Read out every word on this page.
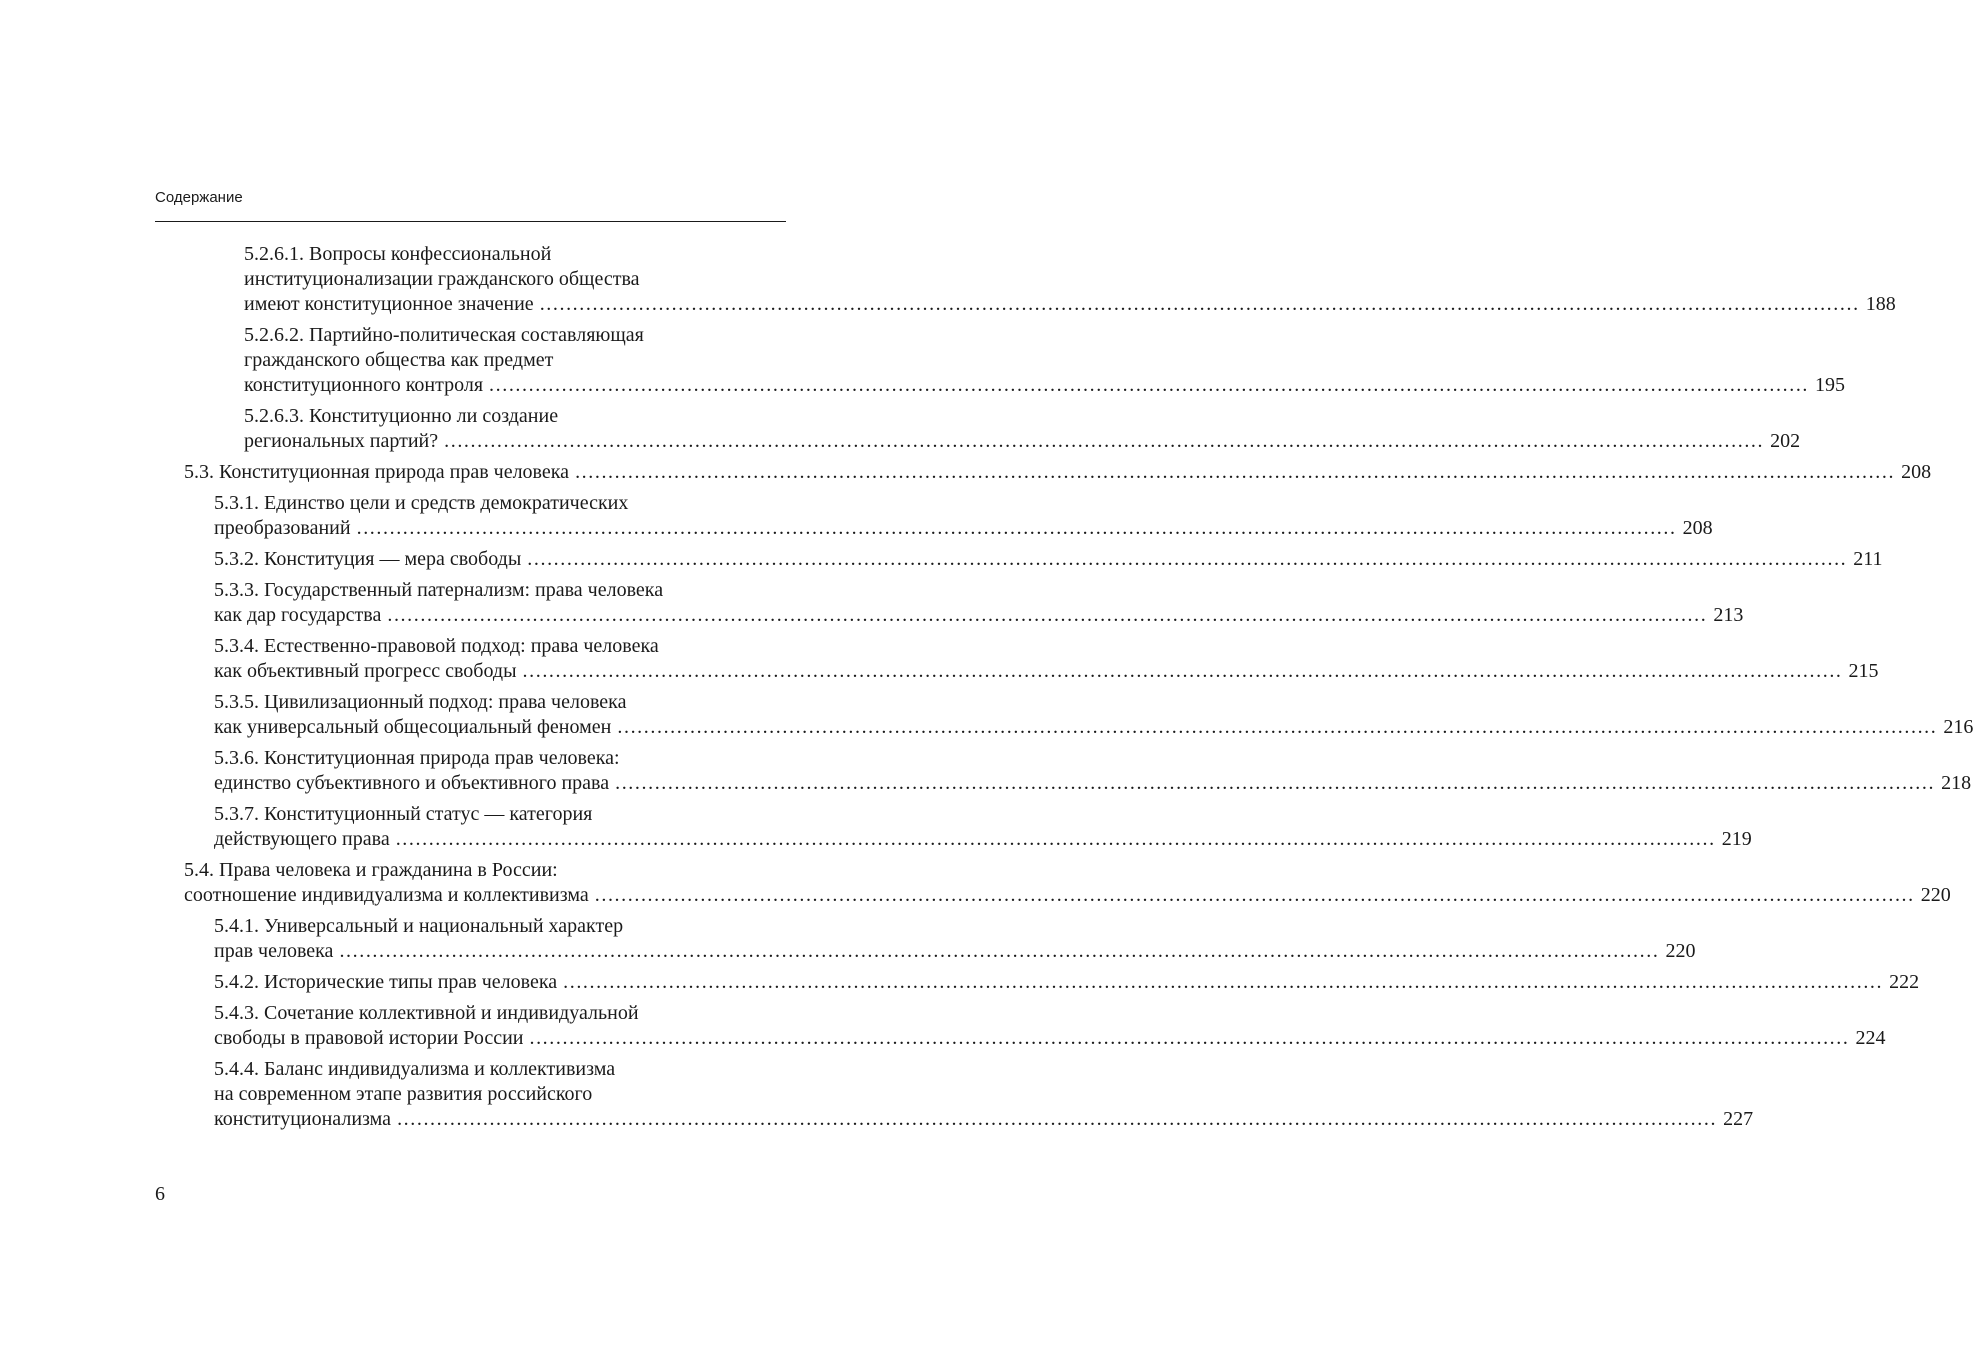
Содержание
5.2.6.1. Вопросы конфессиональной
институционализации гражданского общества
имеют конституционное значение ........................................................................................................................................................................................................ 188
5.2.6.2. Партийно-политическая составляющая
гражданского общества как предмет
конституционного контроля ........................................................................................................................................................................................................ 195
5.2.6.3. Конституционно ли создание
региональных партий? ........................................................................................................................................................................................................ 202
5.3. Конституционная природа прав человека ........................................................................................................................................................................................................ 208
5.3.1. Единство цели и средств демократических
преобразований ........................................................................................................................................................................................................ 208
5.3.2. Конституция — мера свободы ........................................................................................................................................................................................................ 211
5.3.3. Государственный патернализм: права человека
как дар государства ........................................................................................................................................................................................................ 213
5.3.4. Естественно-правовой подход: права человека
как объективный прогресс свободы ........................................................................................................................................................................................................ 215
5.3.5. Цивилизационный подход: права человека
как универсальный общесоциальный феномен ........................................................................................................................................................................................................ 216
5.3.6. Конституционная природа прав человека:
единство субъективного и объективного права ........................................................................................................................................................................................................ 218
5.3.7. Конституционный статус — категория
действующего права ........................................................................................................................................................................................................ 219
5.4. Права человека и гражданина в России:
соотношение индивидуализма и коллективизма ........................................................................................................................................................................................................ 220
5.4.1. Универсальный и национальный характер
прав человека ........................................................................................................................................................................................................ 220
5.4.2. Исторические типы прав человека ........................................................................................................................................................................................................ 222
5.4.3. Сочетание коллективной и индивидуальной
свободы в правовой истории России ........................................................................................................................................................................................................ 224
5.4.4. Баланс индивидуализма и коллективизма
на современном этапе развития российского
конституционализма ........................................................................................................................................................................................................ 227
6
